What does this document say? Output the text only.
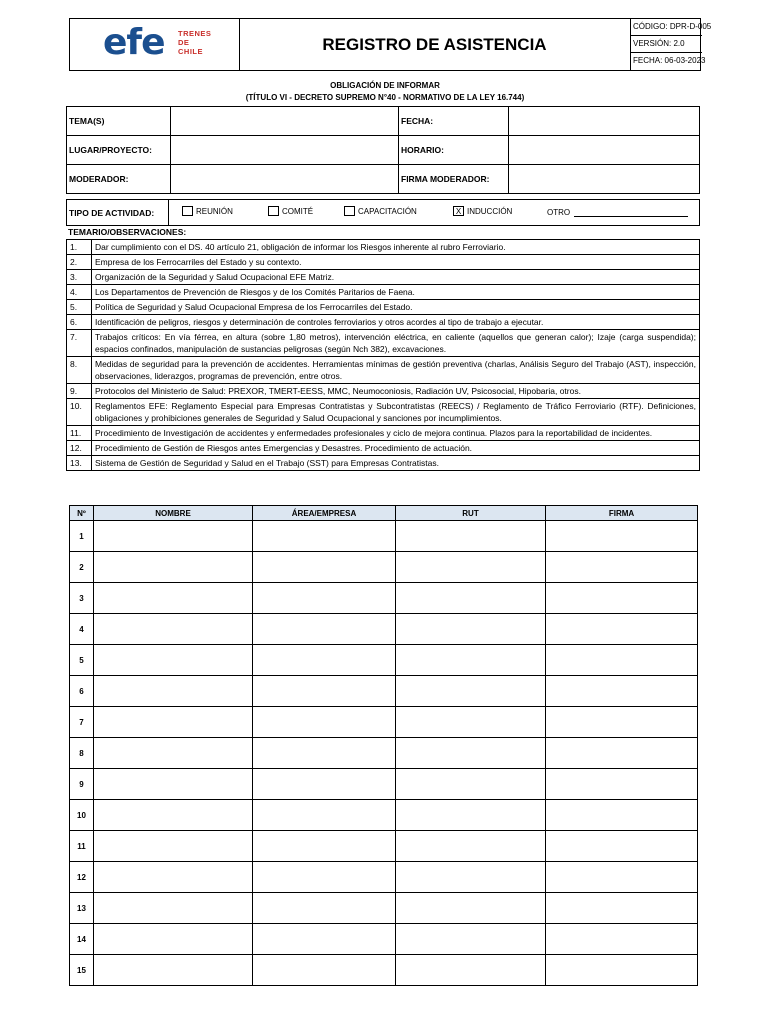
efe TRENES
DE
CHILE	REGISTRO DE ASISTENCIA
CÓDIGO: DPR-D-005
VERSIÓN: 2.0
FECHA: 06-03-2023
OBLIGACIÓN DE INFORMAR
(TÍTULO VI - DECRETO SUPREMO N°40 - NORMATIVO DE LA LEY 16.744)
TEMA(S)		FECHA:	
LUGAR/PROYECTO:		HORARIO:	
MODERADOR:		FIRMA MODERADOR:	
TIPO DE ACTIVIDAD:	REUNIÓN	COMITÉ	CAPACITACIÓN	X INDUCCIÓN	OTRO
TEMARIO/OBSERVACIONES:
1.	Dar cumplimiento con el DS. 40 artículo 21, obligación de informar los Riesgos inherente al rubro Ferroviario.
2.	Empresa de los Ferrocarriles del Estado y su contexto.
3.	Organización de la Seguridad y Salud Ocupacional EFE Matriz.
4.	Los Departamentos de Prevención de Riesgos y de los Comités Paritarios de Faena.
5.	Política de Seguridad y Salud Ocupacional Empresa de los Ferrocarriles del Estado.
6.	Identificación de peligros, riesgos y determinación de controles ferroviarios y otros acordes al tipo de trabajo a ejecutar.
7.	Trabajos críticos: En vía férrea, en altura (sobre 1,80 metros), intervención eléctrica, en caliente (aquellos que generan calor); Izaje (carga suspendida); espacios confinados, manipulación de sustancias peligrosas (según Nch 382), excavaciones.
8.	Medidas de seguridad para la prevención de accidentes. Herramientas mínimas de gestión preventiva (charlas, Análisis Seguro del Trabajo (AST), inspección, observaciones, liderazgos, programas de prevención, entre otros.
9.	Protocolos del Ministerio de Salud: PREXOR, TMERT-EESS, MMC, Neumoconiosis, Radiación UV, Psicosocial, Hipobaria, otros.
10.	Reglamentos EFE: Reglamento Especial para Empresas Contratistas y Subcontratistas (REECS) / Reglamento de Tráfico Ferroviario (RTF). Definiciones, obligaciones y prohibiciones generales de Seguridad y Salud Ocupacional y sanciones por incumplimientos.
11.	Procedimiento de Investigación de accidentes y enfermedades profesionales y ciclo de mejora continua. Plazos para la reportabilidad de incidentes.
12.	Procedimiento de Gestión de Riesgos antes Emergencias y Desastres. Procedimiento de actuación.
13.	Sistema de Gestión de Seguridad y Salud en el Trabajo (SST) para Empresas Contratistas.
Nº	NOMBRE	ÁREA/EMPRESA	RUT	FIRMA
1				
2				
3				
4				
5				
6				
7				
8				
9				
10				
11				
12				
13				
14				
15				
